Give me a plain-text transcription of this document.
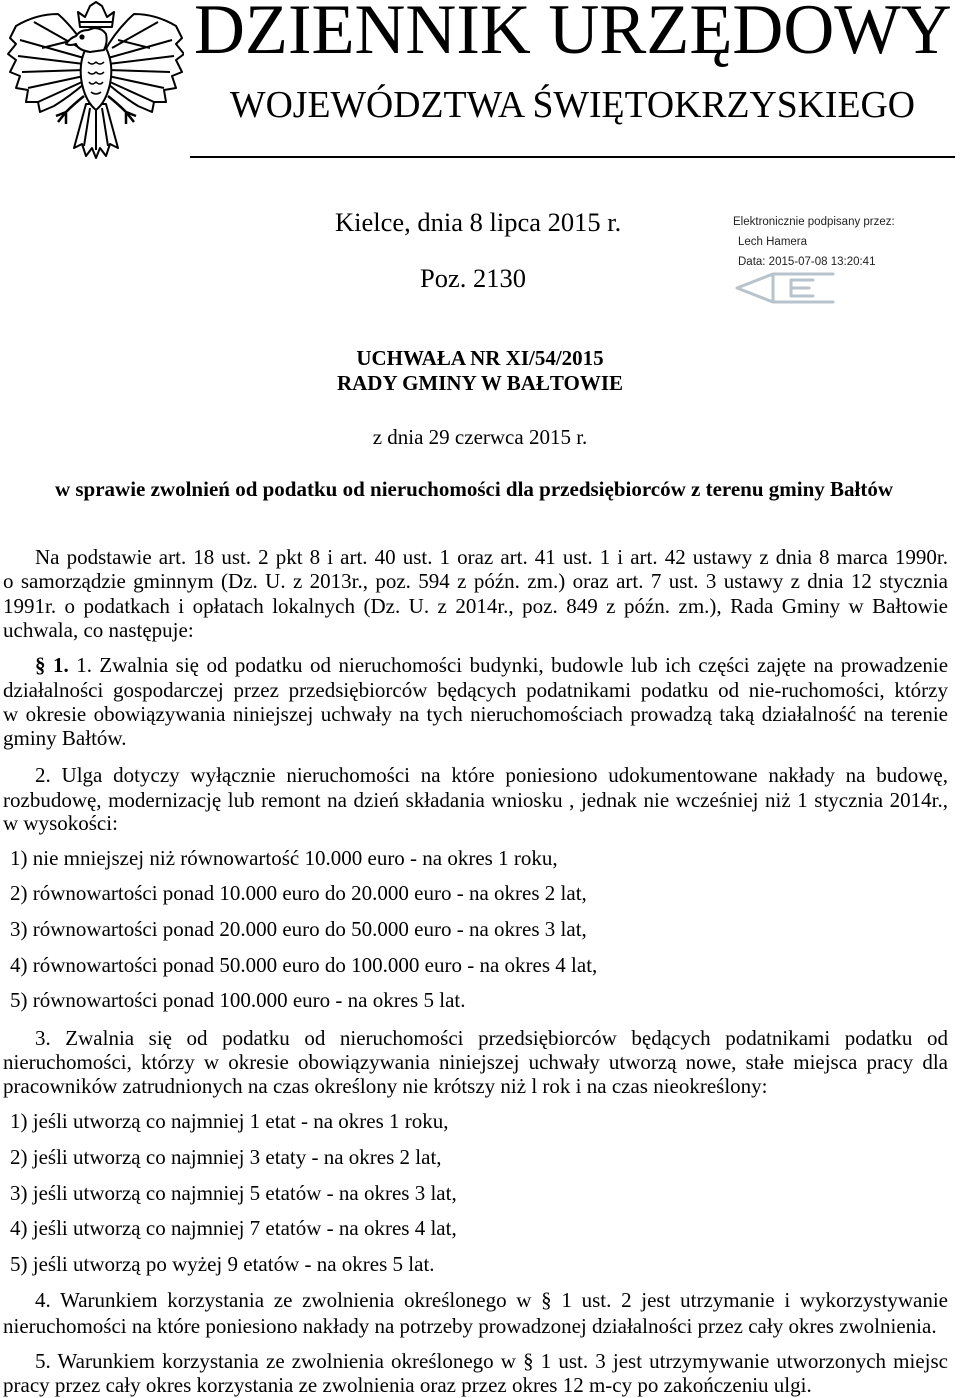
DZIENNIK URZĘDOWY
WOJEWÓDZTWA ŚWIĘTOKRZYSKIEGO
Kielce, dnia 8 lipca 2015 r.
Poz. 2130
Elektronicznie podpisany przez:
Lech Hamera
Data: 2015-07-08 13:20:41
UCHWAŁA NR XI/54/2015
RADY GMINY W BAŁTOWIE
z dnia 29 czerwca 2015 r.
w sprawie zwolnień od podatku od nieruchomości dla przedsiębiorców z terenu gminy Bałtów
Na podstawie art. 18 ust. 2 pkt 8 i art. 40 ust. 1 oraz art. 41 ust. 1 i art. 42 ustawy z dnia 8 marca 1990r.
o samorządzie gminnym (Dz. U. z 2013r., poz. 594 z późn. zm.) oraz art. 7 ust. 3 ustawy z dnia 12 stycznia
1991r. o podatkach i opłatach lokalnych (Dz. U. z 2014r., poz. 849 z późn. zm.), Rada Gminy w Bałtowie
uchwala, co następuje:
§ 1. 1. Zwalnia się od podatku od nieruchomości budynki, budowle lub ich części zajęte na prowadzenie
działalności gospodarczej przez przedsiębiorców będących podatnikami podatku od nie-ruchomości, którzy
w okresie obowiązywania niniejszej uchwały na tych nieruchomościach prowadzą taką działalność na terenie
gminy Bałtów.
2. Ulga dotyczy wyłącznie nieruchomości na które poniesiono udokumentowane nakłady na budowę,
rozbudowę, modernizację lub remont na dzień składania wniosku , jednak nie wcześniej niż 1 stycznia 2014r.,
w wysokości:
1) nie mniejszej niż równowartość 10.000 euro - na okres 1 roku,
2) równowartości ponad 10.000 euro do 20.000 euro - na okres 2 lat,
3) równowartości ponad 20.000 euro do 50.000 euro - na okres 3 lat,
4) równowartości ponad 50.000 euro do 100.000 euro - na okres 4 lat,
5) równowartości ponad 100.000 euro - na okres 5 lat.
3. Zwalnia się od podatku od nieruchomości przedsiębiorców będących podatnikami podatku od
nieruchomości, którzy w okresie obowiązywania niniejszej uchwały utworzą nowe, stałe miejsca pracy dla
pracowników zatrudnionych na czas określony nie krótszy niż l rok i na czas nieokreślony:
1) jeśli utworzą co najmniej 1 etat - na okres 1 roku,
2) jeśli utworzą co najmniej 3 etaty - na okres 2 lat,
3) jeśli utworzą co najmniej 5 etatów - na okres 3 lat,
4) jeśli utworzą co najmniej 7 etatów - na okres 4 lat,
5) jeśli utworzą po wyżej 9 etatów - na okres 5 lat.
4. Warunkiem korzystania ze zwolnienia określonego w § 1 ust. 2 jest utrzymanie i wykorzystywanie
nieruchomości na które poniesiono nakłady na potrzeby prowadzonej działalności przez cały okres zwolnienia.
5. Warunkiem korzystania ze zwolnienia określonego w § 1 ust. 3 jest utrzymywanie utworzonych miejsc
pracy przez cały okres korzystania ze zwolnienia oraz przez okres 12 m-cy po zakończeniu ulgi.
